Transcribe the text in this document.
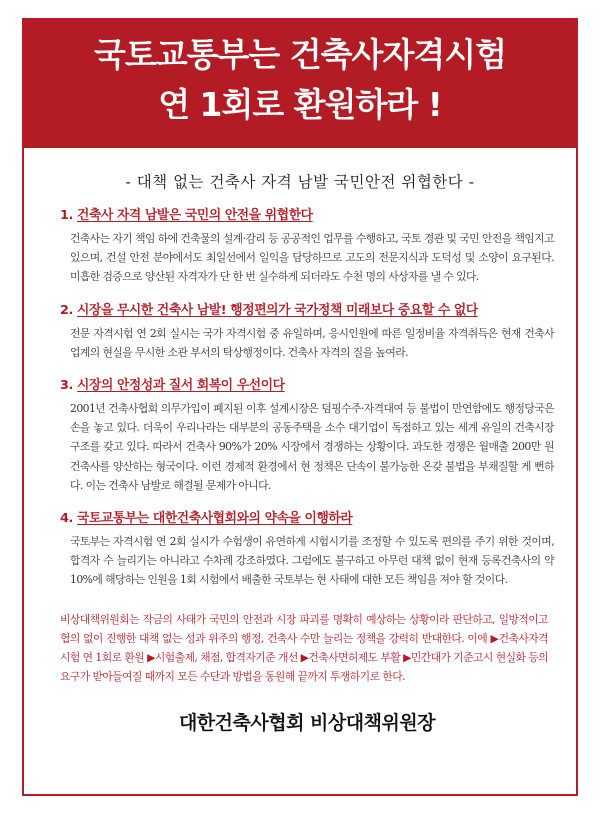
국토교통부는 건축사자격시험
연 1회로 환원하라 !
- 대책 없는 건축사 자격 남발 국민안전 위협한다 -
1. 건축사 자격 남발은 국민의 안전을 위협한다
건축사는 자기 책임 하에 건축물의 설계·감리 등 공공적인 업무를 수행하고, 국토 경관 및 국민 안전을 책임지고 있으며, 건설 안전 분야에서도 최일선에서 일익을 담당하므로 고도의 전문지식과 도덕성 및 소양이 요구된다. 미흡한 검증으로 양산된 자격자가 단 한 번 실수하게 되더라도 수천 명의 사상자를 낼 수 있다.
2. 시장을 무시한 건축사 남발! 행정편의가 국가정책 미래보다 중요할 수 없다
전문 자격시험 연 2회 실시는 국가 자격시험 중 유일하며, 응시인원에 따른 일정비율 자격취득은 현재 건축사 업계의 현실을 무시한 소관 부서의 탁상행정이다. 건축사 자격의 질을 높여라.
3. 시장의 안정성과 질서 회복이 우선이다
2001년 건축사협회 의무가입이 폐지된 이후 설계시장은 덤핑수주·자격대여 등 불법이 만연함에도 행정당국은 손을 놓고 있다. 더욱이 우리나라는 대부분의 공동주택을 소수 대기업이 독점하고 있는 세계 유일의 건축시장 구조를 갖고 있다. 따라서 건축사 90%가 20% 시장에서 경쟁하는 상황이다. 과도한 경쟁은 월매출 200만 원 건축사를 양산하는 형국이다. 이런 경제적 환경에서 현 정책은 단속이 불가능한 온갖 불법을 부채질할 게 뻔하다. 이는 건축사 남발로 해결될 문제가 아니다.
4. 국토교통부는 대한건축사협회와의 약속을 이행하라
국토부는 자격시험 연 2회 실시가 수험생이 유연하게 시험시기를 조정할 수 있도록 편의를 주기 위한 것이며, 합격자 수 늘리기는 아니라고 수차례 강조하였다. 그럼에도 불구하고 아무런 대책 없이 현재 등록건축사의 약 10%에 해당하는 인원을 1회 시험에서 배출한 국토부는 현 사태에 대한 모든 책임을 져야 할 것이다.
비상대책위원회는 작금의 사태가 국민의 안전과 시장 파괴를 명확히 예상하는 상황이라 판단하고, 일방적이고 협의 없이 진행한 대책 없는 성과 위주의 행정, 건축사 수만 늘리는 정책을 강력히 반대한다. 이에 ▶건축사자격시험 연 1회로 환원 ▶시험출제, 채점, 합격자기준 개선 ▶건축사면허제도 부활 ▶민간대가 기준고시 현실화 등의 요구가 받아들여질 때까지 모든 수단과 방법을 동원해 끝까지 투쟁하기로 한다.
대한건축사협회 비상대책위원장
